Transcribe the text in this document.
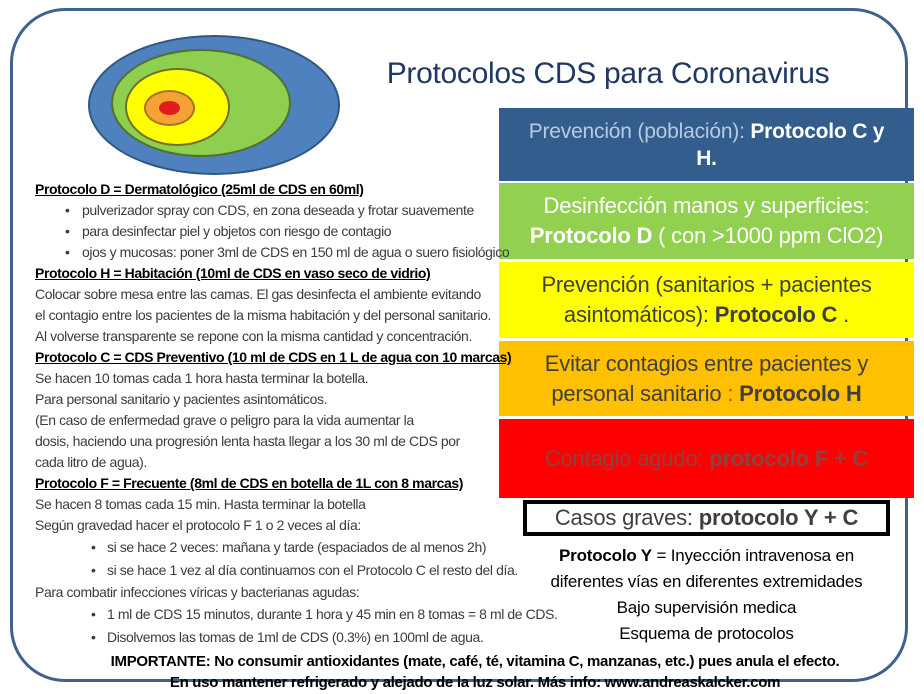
Protocolos CDS para Coronavirus
Prevención (población): Protocolo C y
H.
Desinfección manos y superficies:
Protocolo D ( con >1000 ppm ClO2)
Prevención (sanitarios + pacientes
asintomáticos): Protocolo C .
Evitar contagios entre pacientes y
personal sanitario : Protocolo H
Contagio agudo: protocolo F + C
Casos graves: protocolo Y + C
Protocolo Y = Inyección intravenosa en
diferentes vías en diferentes extremidades
Bajo supervisión medica
Esquema de protocolos
Protocolo D = Dermatológico (25ml de CDS en 60ml)
• pulverizador spray con CDS, en zona deseada y frotar suavemente
• para desinfectar piel y objetos con riesgo de contagio
• ojos y mucosas: poner 3ml de CDS en 150 ml de agua o suero fisiológico
Protocolo H = Habitación (10ml de CDS en vaso seco de vidrio)
Colocar sobre mesa entre las camas. El gas desinfecta el ambiente evitando
el contagio entre los pacientes de la misma habitación y del personal sanitario.
Al volverse transparente se repone con la misma cantidad y concentración.
Protocolo C = CDS Preventivo (10 ml de CDS en 1 L de agua con 10 marcas)
Se hacen 10 tomas cada 1 hora hasta terminar la botella.
Para personal sanitario y pacientes asintomáticos.
(En caso de enfermedad grave o peligro para la vida aumentar la
dosis, haciendo una progresión lenta hasta llegar a los 30 ml de CDS por
cada litro de agua).
Protocolo F = Frecuente (8ml de CDS en botella de 1L con 8 marcas)
Se hacen 8 tomas cada 15 min. Hasta terminar la botella
Según gravedad hacer el protocolo F 1 o 2 veces al día:
• si se hace 2 veces: mañana y tarde (espaciados de al menos 2h)
• si se hace 1 vez al día continuamos con el Protocolo C el resto del día.
Para combatir infecciones víricas y bacterianas agudas:
• 1 ml de CDS 15 minutos, durante 1 hora y 45 min en 8 tomas = 8 ml de CDS.
• Disolvemos las tomas de 1ml de CDS (0.3%) en 100ml de agua.
IMPORTANTE: No consumir antioxidantes (mate, café, té, vitamina C, manzanas, etc.) pues anula el efecto.
En uso mantener refrigerado y alejado de la luz solar. Más info: www.andreaskalcker.com
